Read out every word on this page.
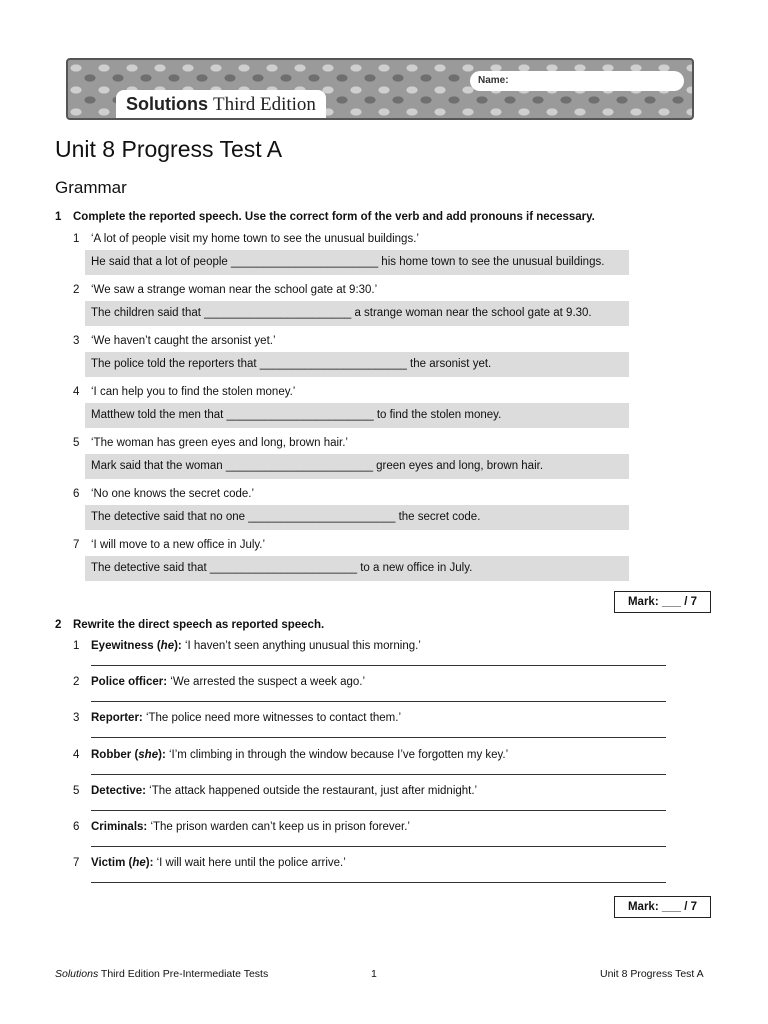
Solutions Third Edition
Name:
Unit 8 Progress Test A
Grammar
1 Complete the reported speech. Use the correct form of the verb and add pronouns if necessary.
1 ‘A lot of people visit my home town to see the unusual buildings.’
He said that a lot of people _______________________ his home town to see the unusual buildings.
2 ‘We saw a strange woman near the school gate at 9:30.’
The children said that _______________________ a strange woman near the school gate at 9.30.
3 ‘We haven’t caught the arsonist yet.’
The police told the reporters that _______________________ the arsonist yet.
4 ‘I can help you to find the stolen money.’
Matthew told the men that _______________________ to find the stolen money.
5 ‘The woman has green eyes and long, brown hair.’
Mark said that the woman _______________________ green eyes and long, brown hair.
6 ‘No one knows the secret code.’
The detective said that no one _______________________ the secret code.
7 ‘I will move to a new office in July.’
The detective said that _______________________ to a new office in July.
Mark: ___ / 7
2 Rewrite the direct speech as reported speech.
1 Eyewitness (he): ‘I haven’t seen anything unusual this morning.’
2 Police officer: ‘We arrested the suspect a week ago.’
3 Reporter: ‘The police need more witnesses to contact them.’
4 Robber (she): ‘I’m climbing in through the window because I’ve forgotten my key.’
5 Detective: ‘The attack happened outside the restaurant, just after midnight.’
6 Criminals: ‘The prison warden can’t keep us in prison forever.’
7 Victim (he): ‘I will wait here until the police arrive.’
Mark: ___ / 7
Solutions Third Edition Pre-Intermediate Tests	1	Unit 8 Progress Test A
